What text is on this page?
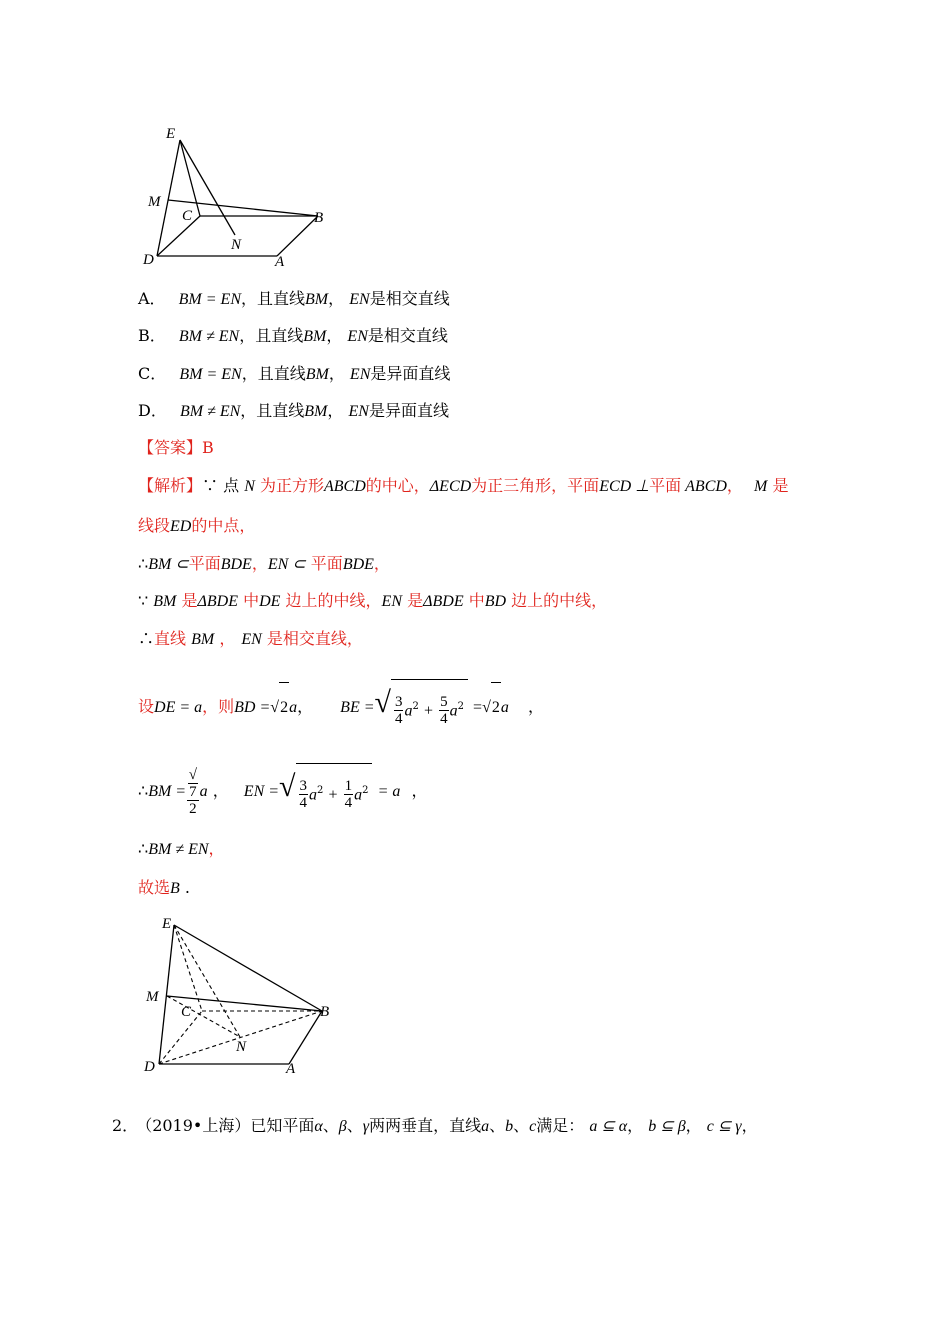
E
M
C
N
B
D	A
A． BM = EN，且直线BM， EN是相交直线
B． BM ≠ EN，且直线BM， EN是相交直线
C． BM = EN，且直线BM， EN是异面直线
D． BM ≠ EN，且直线BM， EN是异面直线
【答案】B
【解析】∵ 点 N 为正方形ABCD的中心，ΔECD为正三角形，平面ECD ⊥平面 ABCD， M 是
线段ED的中点，
∴BM ⊂平面BDE，EN ⊂ 平面BDE，
∵ BM 是ΔBDE 中DE 边上的中线，EN 是ΔBDE 中BD 边上的中线，
∴直线 BM ， EN 是相交直线，
设DE = a，则BD =√2a， BE =√ $\frac{3}{4} a^2 + \frac{5}{4} a^2 =√2a$ ，
∴BM = √
7
2 a ， EN =√ $\frac{3}{4} a^2 + \frac{1}{4} a^2 = a$ ，
∴BM ≠ EN，
故选B .
E
M
C
N
B
D	A
2． （2019•上海）已知平面α、β、γ两两垂直，直线a、b、c满足： a ⊆ α， b ⊆ β， c ⊆ γ，
